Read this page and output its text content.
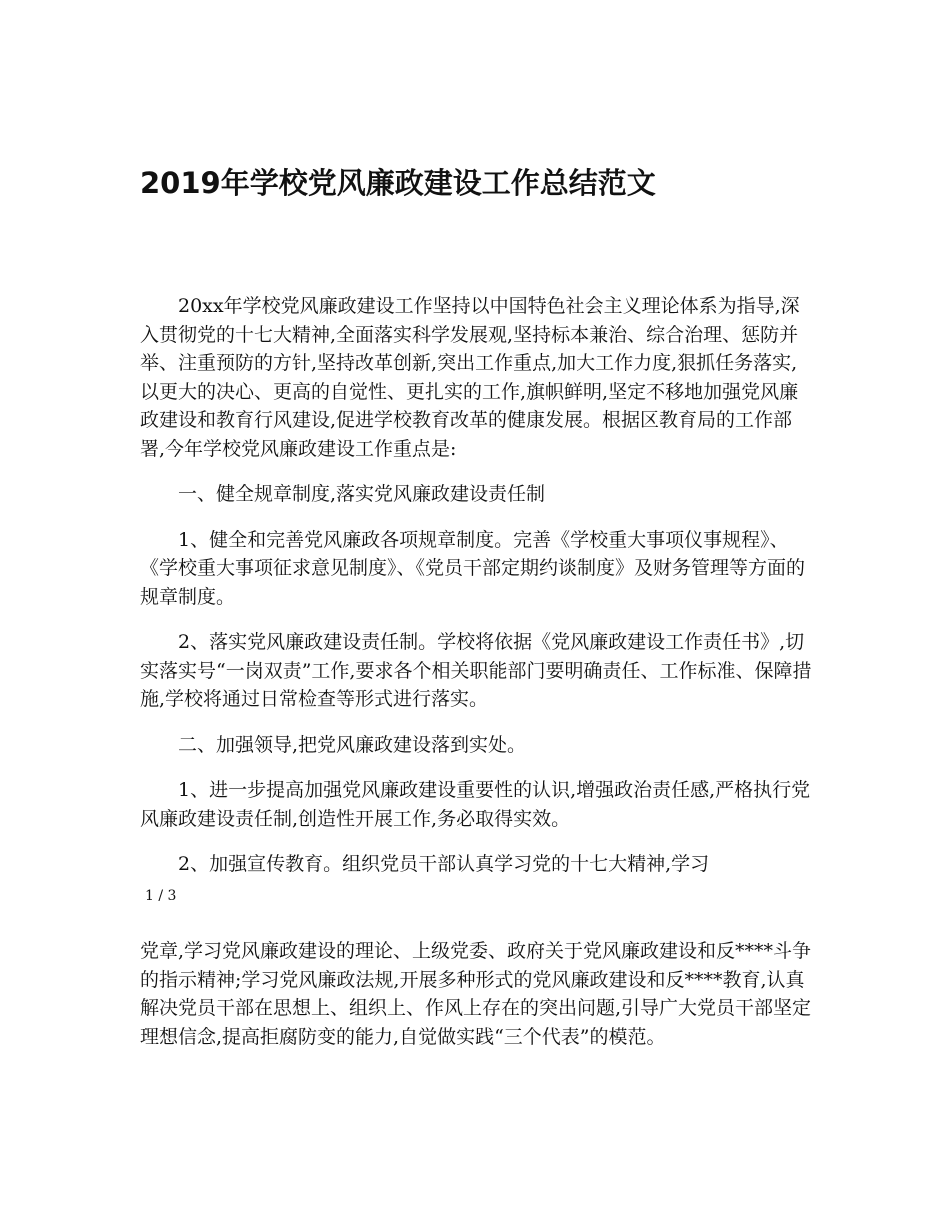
2019年学校党风廉政建设工作总结范文

20xx年学校党风廉政建设工作坚持以中国特色社会主义理论体系为指导,深入贯彻党的十七大精神,全面落实科学发展观,坚持标本兼治、综合治理、惩防并举、注重预防的方针,坚持改革创新,突出工作重点,加大工作力度,狠抓任务落实,以更大的决心、更高的自觉性、更扎实的工作,旗帜鲜明,坚定不移地加强党风廉政建设和教育行风建设,促进学校教育改革的健康发展。根据区教育局的工作部署,今年学校党风廉政建设工作重点是:

一、健全规章制度,落实党风廉政建设责任制

1、健全和完善党风廉政各项规章制度。完善《学校重大事项仪事规程》、《学校重大事项征求意见制度》、《党员干部定期约谈制度》及财务管理等方面的规章制度。

2、落实党风廉政建设责任制。学校将依据《党风廉政建设工作责任书》,切实落实号“一岗双责”工作,要求各个相关职能部门要明确责任、工作标准、保障措施,学校将通过日常检查等形式进行落实。

二、加强领导,把党风廉政建设落到实处。

1、进一步提高加强党风廉政建设重要性的认识,增强政治责任感,严格执行党风廉政建设责任制,创造性开展工作,务必取得实效。

2、加强宣传教育。组织党员干部认真学习党的十七大精神,学习

1 / 3

党章,学习党风廉政建设的理论、上级党委、政府关于党风廉政建设和反****斗争的指示精神;学习党风廉政法规,开展多种形式的党风廉政建设和反****教育,认真解决党员干部在思想上、组织上、作风上存在的突出问题,引导广大党员干部坚定理想信念,提高拒腐防变的能力,自觉做实践“三个代表”的模范。
